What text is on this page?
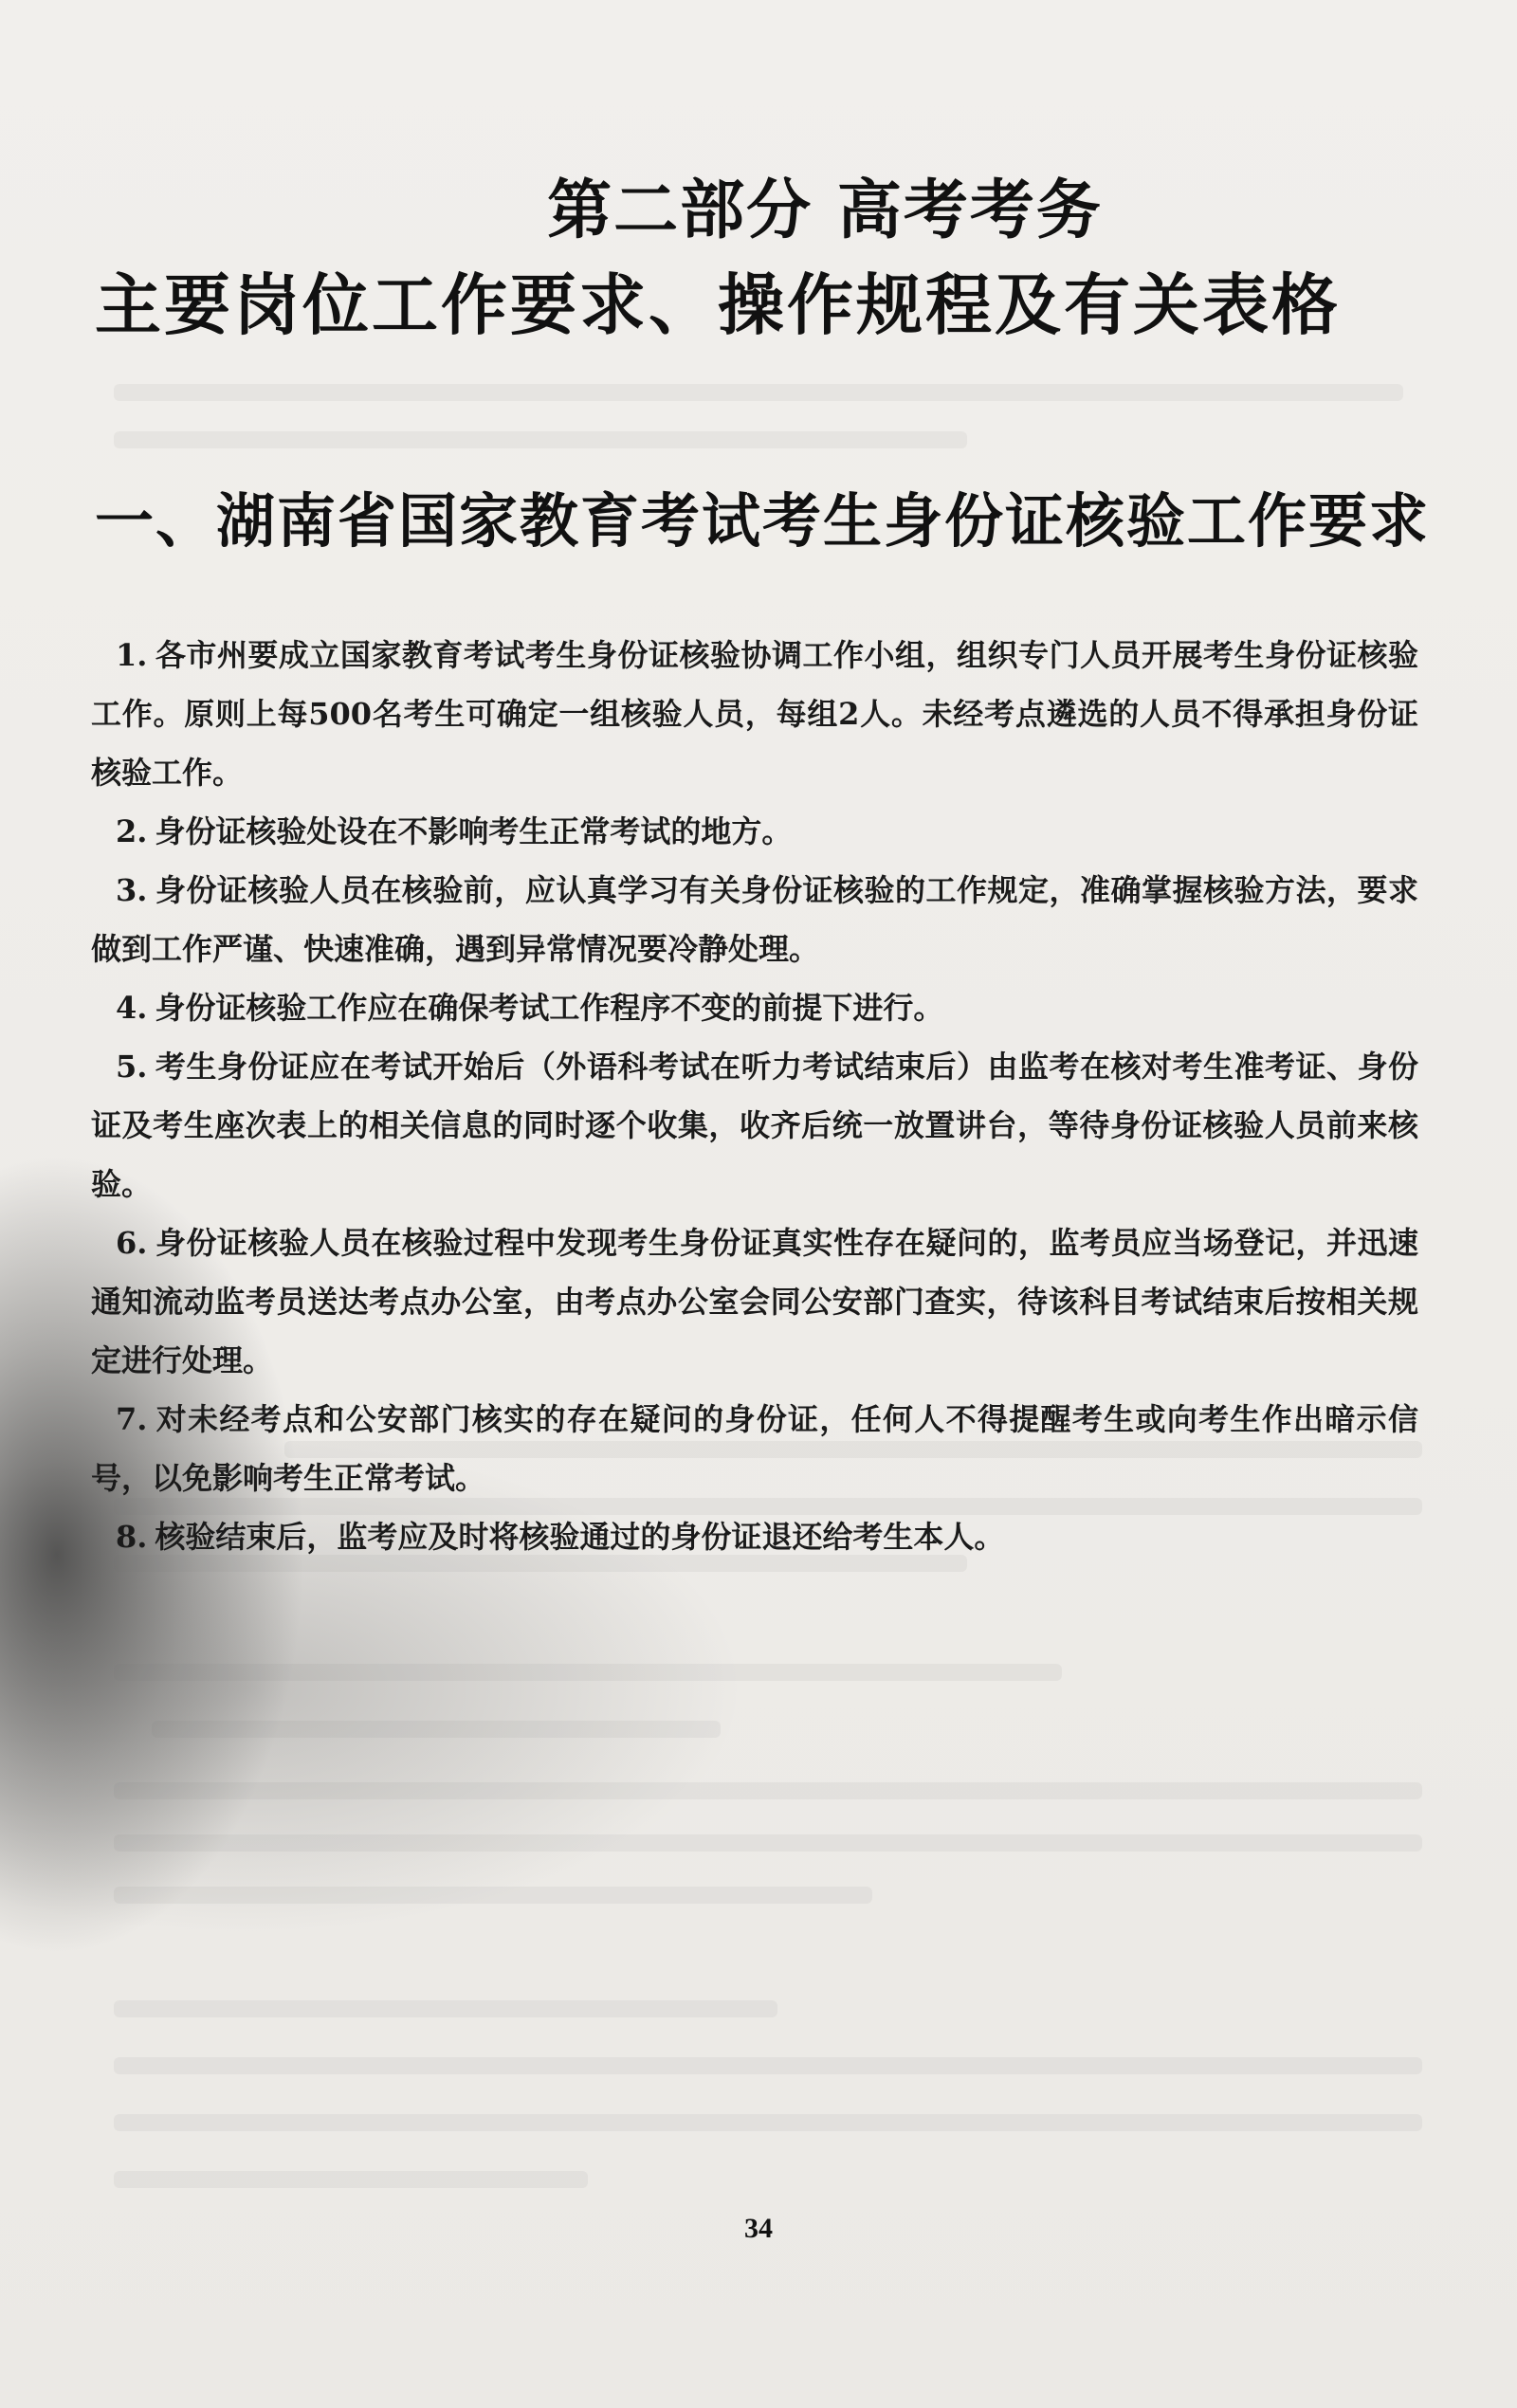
第二部分 高考考务
主要岗位工作要求、操作规程及有关表格
一、湖南省国家教育考试考生身份证核验工作要求

1. 各市州要成立国家教育考试考生身份证核验协调工作小组，组织专门人员开展考生身份证核验工作。原则上每500名考生可确定一组核验人员，每组2人。未经考点遴选的人员不得承担身份证核验工作。

2. 身份证核验处设在不影响考生正常考试的地方。

3. 身份证核验人员在核验前，应认真学习有关身份证核验的工作规定，准确掌握核验方法，要求做到工作严谨、快速准确，遇到异常情况要冷静处理。

4. 身份证核验工作应在确保考试工作程序不变的前提下进行。

5. 考生身份证应在考试开始后（外语科考试在听力考试结束后）由监考在核对考生准考证、身份证及考生座次表上的相关信息的同时逐个收集，收齐后统一放置讲台，等待身份证核验人员前来核验。

6. 身份证核验人员在核验过程中发现考生身份证真实性存在疑问的，监考员应当场登记，并迅速通知流动监考员送达考点办公室，由考点办公室会同公安部门查实，待该科目考试结束后按相关规定进行处理。

7. 对未经考点和公安部门核实的存在疑问的身份证，任何人不得提醒考生或向考生作出暗示信号，以免影响考生正常考试。

8. 核验结束后，监考应及时将核验通过的身份证退还给考生本人。

34
